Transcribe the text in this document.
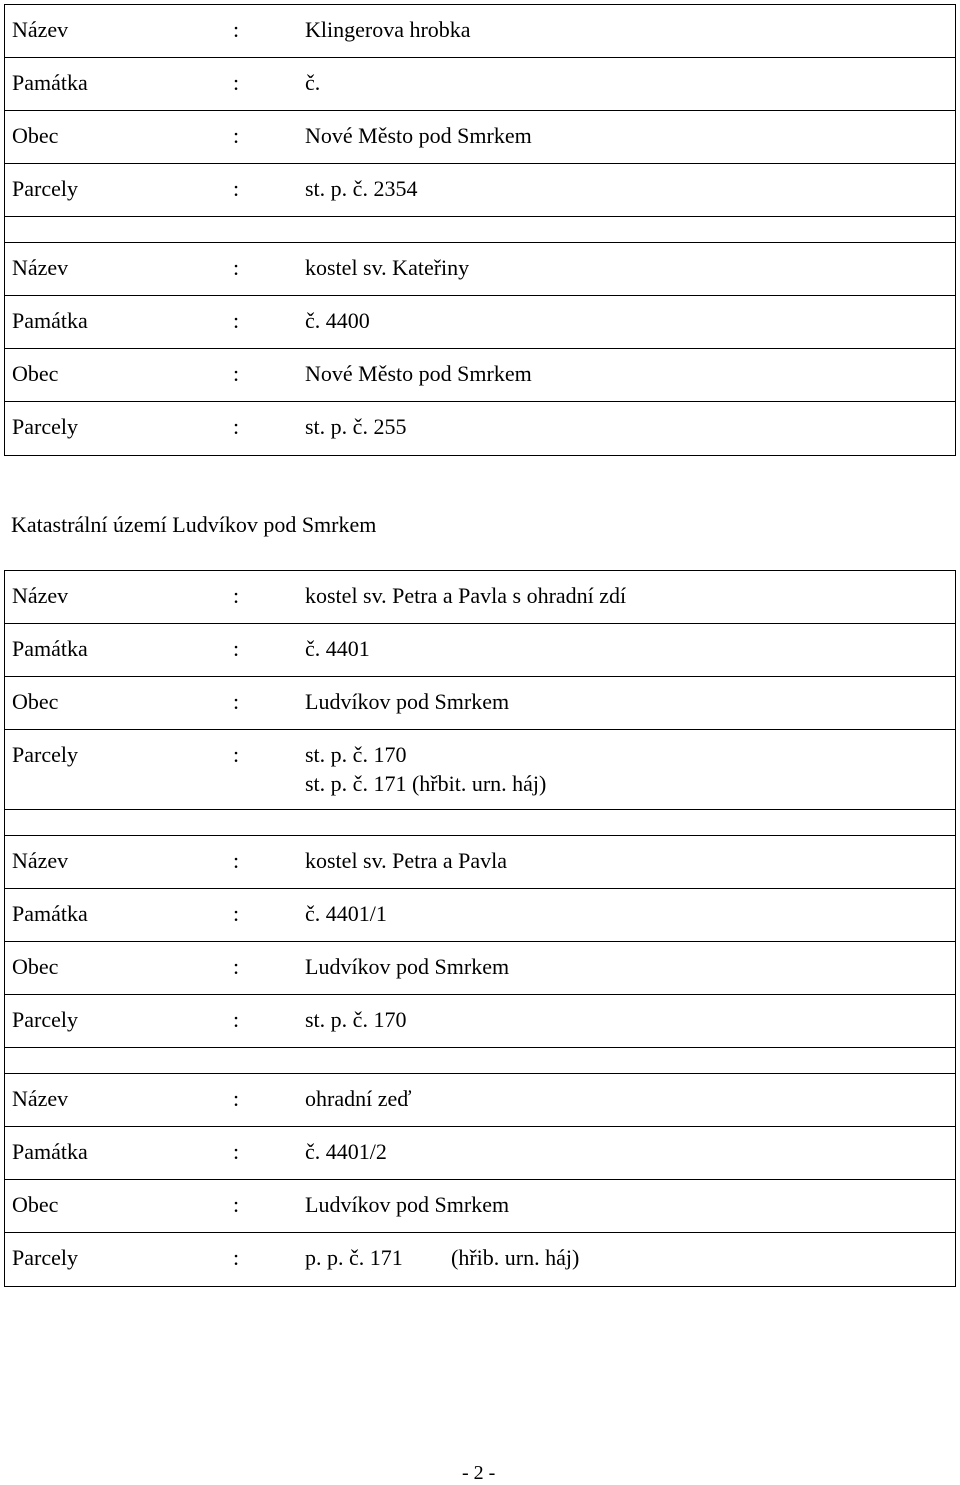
Název	:	Klingerova hrobka
Památka	:	č.
Obec	:	Nové Město pod Smrkem
Parcely	:	st. p. č. 2354
Název	:	kostel sv. Kateřiny
Památka	:	č. 4400
Obec	:	Nové Město pod Smrkem
Parcely	:	st. p. č. 255
Katastrální území Ludvíkov pod Smrkem
Název	:	kostel sv. Petra a Pavla s ohradní zdí
Památka	:	č. 4401
Obec	:	Ludvíkov pod Smrkem
Parcely	:	st. p. č. 170
st. p. č. 171 (hřbit. urn. háj)
Název	:	kostel sv. Petra a Pavla
Památka	:	č. 4401/1
Obec	:	Ludvíkov pod Smrkem
Parcely	:	st. p. č. 170
Název	:	ohradní zeď
Památka	:	č. 4401/2
Obec	:	Ludvíkov pod Smrkem
Parcely	:	p. p. č. 171 (hřib. urn. háj)
- 2 -
